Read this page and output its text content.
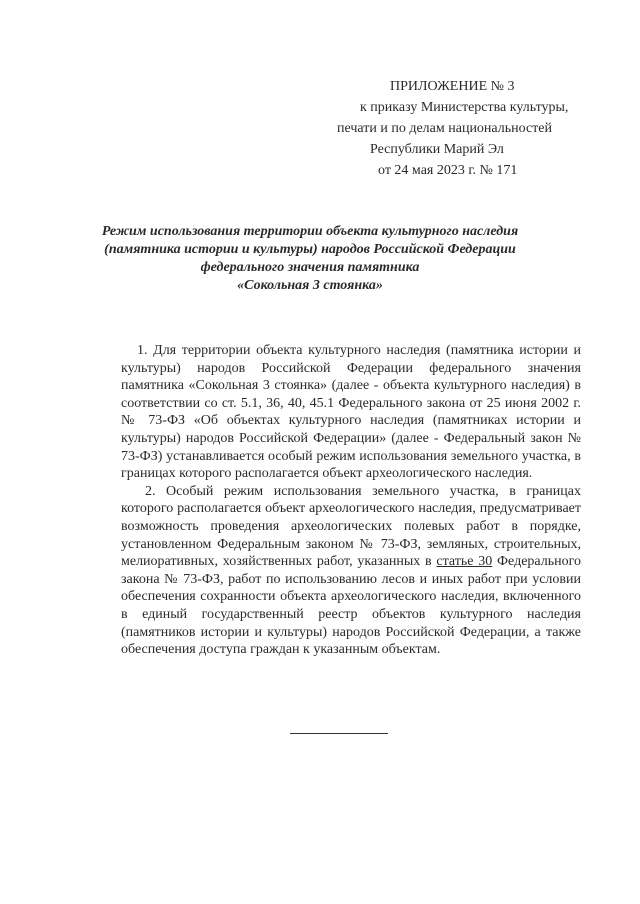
ПРИЛОЖЕНИЕ № 3
к приказу Министерства культуры,
печати и по делам национальностей
Республики Марий Эл
от 24 мая 2023 г. № 171
Режим использования территории объекта культурного наследия
(памятника истории и культуры) народов Российской Федерации
федерального значения памятника
«Сокольная 3 стоянка»

1. Для территории объекта культурного наследия (памятника истории и культуры) народов Российской Федерации федерального значения памятника «Сокольная 3 стоянка» (далее - объекта культурного наследия) в соответствии со ст. 5.1, 36, 40, 45.1 Федерального закона от 25 июня 2002 г. № 73-ФЗ «Об объектах культурного наследия (памятниках истории и культуры) народов Российской Федерации» (далее - Федеральный закон № 73-ФЗ) устанавливается особый режим использования земельного участка, в границах которого располагается объект археологического наследия.

2. Особый режим использования земельного участка, в границах которого располагается объект археологического наследия, предусматривает возможность проведения археологических полевых работ в порядке, установленном Федеральным законом № 73-ФЗ, земляных, строительных, мелиоративных, хозяйственных работ, указанных в статье 30 Федерального закона № 73-ФЗ, работ по использованию лесов и иных работ при условии обеспечения сохранности объекта археологического наследия, включенного в единый государственный реестр объектов культурного наследия (памятников истории и культуры) народов Российской Федерации, а также обеспечения доступа граждан к указанным объектам.
